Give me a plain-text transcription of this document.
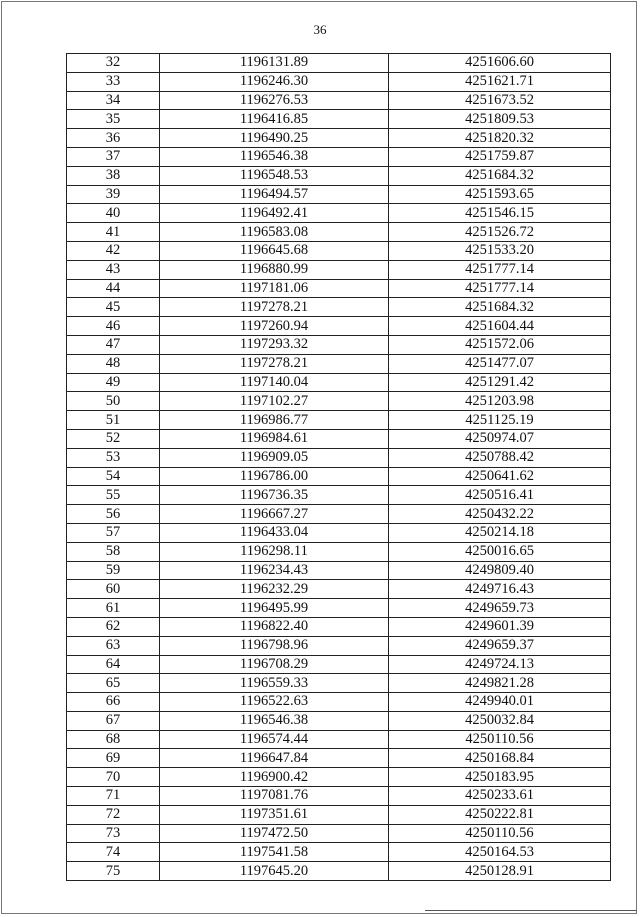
36
32	1196131.89	4251606.60
33	1196246.30	4251621.71
34	1196276.53	4251673.52
35	1196416.85	4251809.53
36	1196490.25	4251820.32
37	1196546.38	4251759.87
38	1196548.53	4251684.32
39	1196494.57	4251593.65
40	1196492.41	4251546.15
41	1196583.08	4251526.72
42	1196645.68	4251533.20
43	1196880.99	4251777.14
44	1197181.06	4251777.14
45	1197278.21	4251684.32
46	1197260.94	4251604.44
47	1197293.32	4251572.06
48	1197278.21	4251477.07
49	1197140.04	4251291.42
50	1197102.27	4251203.98
51	1196986.77	4251125.19
52	1196984.61	4250974.07
53	1196909.05	4250788.42
54	1196786.00	4250641.62
55	1196736.35	4250516.41
56	1196667.27	4250432.22
57	1196433.04	4250214.18
58	1196298.11	4250016.65
59	1196234.43	4249809.40
60	1196232.29	4249716.43
61	1196495.99	4249659.73
62	1196822.40	4249601.39
63	1196798.96	4249659.37
64	1196708.29	4249724.13
65	1196559.33	4249821.28
66	1196522.63	4249940.01
67	1196546.38	4250032.84
68	1196574.44	4250110.56
69	1196647.84	4250168.84
70	1196900.42	4250183.95
71	1197081.76	4250233.61
72	1197351.61	4250222.81
73	1197472.50	4250110.56
74	1197541.58	4250164.53
75	1197645.20	4250128.91
